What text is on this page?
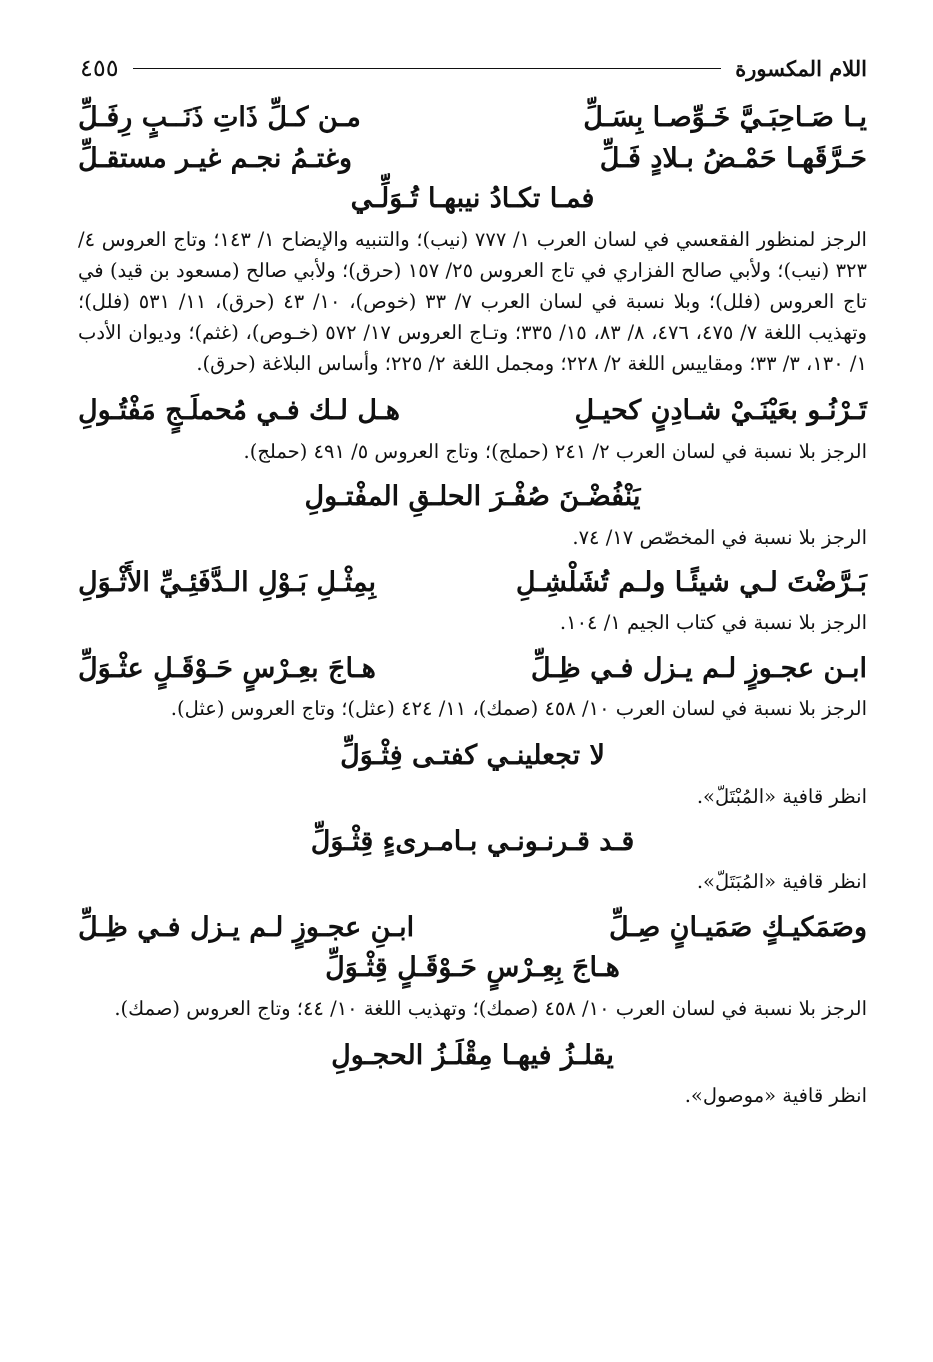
اللام المكسورة
٤٥٥
يـا صَـاحِبَـيَّ خَـوِّصـا بِسَـلِّ
مـن كـلِّ ذَاتِ ذَنَــبٍ رِفَـلِّ
حَـرَّقَهـا حَمْـضُ بـلادٍ فَـلِّ
وغتـمُ نجـم غيـر مستقـلِّ
فمـا تكـادُ نيبهـا تُـوَلِّـي

الرجز لمنظور الفقعسي في لسان العرب ١/ ٧٧٧ (نيب)؛ والتنبيه والإيضاح ١/ ١٤٣؛ وتاج العروس ٤/ ٣٢٣ (نيب)؛ ولأبي صالح الفزاري في تاج العروس ٢٥/ ١٥٧ (حرق)؛ ولأبي صالح (مسعود بن قيد) في تاج العروس (فلل)؛ وبلا نسبة في لسان العرب ٧/ ٣٣ (خوص)، ١٠/ ٤٣ (حرق)، ١١/ ٥٣١ (فلل)؛ وتهذيب اللغة ٧/ ٤٧٥، ٤٧٦، ٨/ ٨٣، ١٥/ ٣٣٥؛ وتـاج العروس ١٧/ ٥٧٢ (خـوص)، (غثم)؛ وديوان الأدب ١/ ١٣٠، ٣/ ٣٣؛ ومقاييس اللغة ٢/ ٢٢٨؛ ومجمل اللغة ٢/ ٢٢٥؛ وأساس البلاغة (حرق).

تَـرْنُـو بعَيْنَـيْ شـادِنٍ كحيـلِ
هـل لـك فـي مُحملَـجٍ مَفْتُـولِ

الرجز بلا نسبة في لسان العرب ٢/ ٢٤١ (حملج)؛ وتاج العروس ٥/ ٤٩١ (حملج).

يَنْفُضْـنَ صُفْـرَ الحلـقِ المفْتـولِ

الرجز بلا نسبة في المخصّص ١٧/ ٧٤.

بَـرَّضْتَ لـي شيئًـا ولـم تُشَلْشِـلِ
بِمِثْـلِ بَـوْلِ الـدَّفَئِـيِّ الأَثْـوَلِ

الرجز بلا نسبة في كتاب الجيم ١/ ١٠٤.

ابـن عجـوزٍ لـم يـزل فـي ظِـلِّ
هـاجَ بعِـرْسٍ حَـوْقَـلٍ عثْـوَلِّ

الرجز بلا نسبة في لسان العرب ١٠/ ٤٥٨ (صمك)، ١١/ ٤٢٤ (عثل)؛ وتاج العروس (عثل).

لا تجعلينـي كفتـى فِثْـوَلِّ

انظر قافية «المُبْتَلّ».

قـد قـرنـونـي بـامـرىءٍ قِثْـوَلِّ

انظر قافية «المُبَتَلّ».

وصَمَكيـكٍ صَمَيـانٍ صِـلِّ
ابـنِ عجـوزٍ لـم يـزل فـي ظِـلِّ
هـاجَ بِعِـرْسٍ حَـوْقَـلٍ قِثْـوَلِّ

الرجز بلا نسبة في لسان العرب ١٠/ ٤٥٨ (صمك)؛ وتهذيب اللغة ١٠/ ٤٤؛ وتاج العروس (صمك).

يقلـزُ فيهـا مِقْلَـزُ الحجـولِ

انظر قافية «موصول».
